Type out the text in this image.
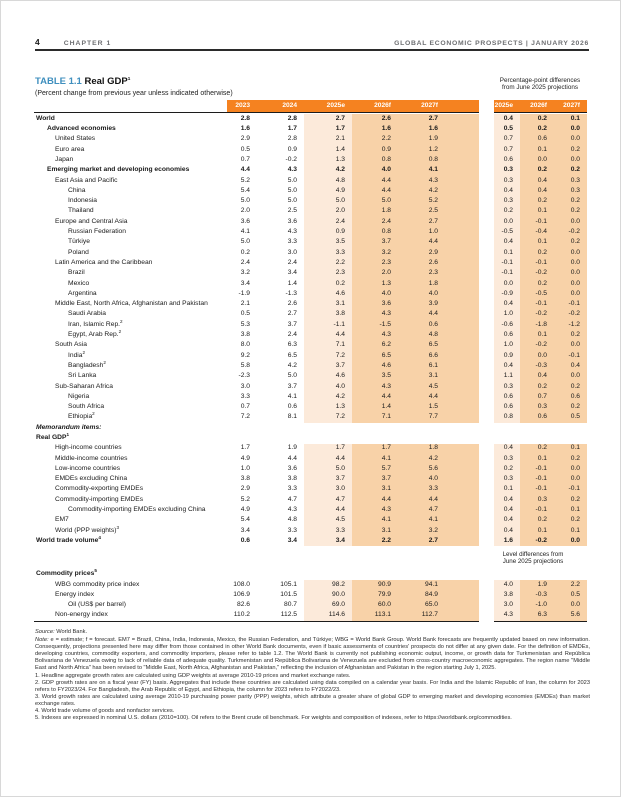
4	CHAPTER 1	GLOBAL ECONOMIC PROSPECTS | JANUARY 2026
TABLE 1.1 Real GDP$^1$
(Percent change from previous year unless indicated otherwise)
Percentage-point differences
from June 2025 projections
2023	2024	2025e	2026f	2027f	2025e	2026f	2027f
World	2.8	2.8	2.7	2.6	2.7	0.4	0.2	0.1
Advanced economies	1.6	1.7	1.7	1.6	1.6	0.5	0.2	0.0
United States	2.9	2.8	2.1	2.2	1.9	0.7	0.6	0.0
Euro area	0.5	0.9	1.4	0.9	1.2	0.7	0.1	0.2
Japan	0.7	-0.2	1.3	0.8	0.8	0.6	0.0	0.0
Emerging market and developing economies	4.4	4.3	4.2	4.0	4.1	0.3	0.2	0.2
East Asia and Pacific	5.2	5.0	4.8	4.4	4.3	0.3	0.4	0.3
China	5.4	5.0	4.9	4.4	4.2	0.4	0.4	0.3
Indonesia	5.0	5.0	5.0	5.0	5.2	0.3	0.2	0.2
Thailand	2.0	2.5	2.0	1.8	2.5	0.2	0.1	0.2
Europe and Central Asia	3.6	3.6	2.4	2.4	2.7	0.0	-0.1	0.0
Russian Federation	4.1	4.3	0.9	0.8	1.0	-0.5	-0.4	-0.2
Türkiye	5.0	3.3	3.5	3.7	4.4	0.4	0.1	0.2
Poland	0.2	3.0	3.3	3.2	2.9	0.1	0.2	0.0
Latin America and the Caribbean	2.4	2.4	2.2	2.3	2.6	-0.1	-0.1	0.0
Brazil	3.2	3.4	2.3	2.0	2.3	-0.1	-0.2	0.0
Mexico	3.4	1.4	0.2	1.3	1.8	0.0	0.2	0.0
Argentina	-1.9	-1.3	4.6	4.0	4.0	-0.9	-0.5	0.0
Middle East, North Africa, Afghanistan and Pakistan	2.1	2.6	3.1	3.6	3.9	0.4	-0.1	-0.1
Saudi Arabia	0.5	2.7	3.8	4.3	4.4	1.0	-0.2	-0.2
Iran, Islamic Rep.$^2$	5.3	3.7	-1.1	-1.5	0.6	-0.6	-1.8	-1.2
Egypt, Arab Rep.$^2$	3.8	2.4	4.4	4.3	4.8	0.6	0.1	0.2
South Asia	8.0	6.3	7.1	6.2	6.5	1.0	-0.2	0.0
India$^2$	9.2	6.5	7.2	6.5	6.6	0.9	0.0	-0.1
Bangladesh$^2$	5.8	4.2	3.7	4.6	6.1	0.4	-0.3	0.4
Sri Lanka	-2.3	5.0	4.6	3.5	3.1	1.1	0.4	0.0
Sub-Saharan Africa	3.0	3.7	4.0	4.3	4.5	0.3	0.2	0.2
Nigeria	3.3	4.1	4.2	4.4	4.4	0.6	0.7	0.6
South Africa	0.7	0.6	1.3	1.4	1.5	0.6	0.3	0.2
Ethiopia$^2$	7.2	8.1	7.2	7.1	7.7	0.8	0.6	0.5
Memorandum items:
Real GDP$^1$
High-income countries	1.7	1.9	1.7	1.7	1.8	0.4	0.2	0.1
Middle-income countries	4.9	4.4	4.4	4.1	4.2	0.3	0.1	0.2
Low-income countries	1.0	3.6	5.0	5.7	5.6	0.2	-0.1	0.0
EMDEs excluding China	3.8	3.8	3.7	3.7	4.0	0.3	-0.1	0.0
Commodity-exporting EMDEs	2.9	3.3	3.0	3.1	3.3	0.1	-0.1	-0.1
Commodity-importing EMDEs	5.2	4.7	4.7	4.4	4.4	0.4	0.3	0.2
Commodity-importing EMDEs excluding China	4.9	4.3	4.4	4.3	4.7	0.4	-0.1	0.1
EM7	5.4	4.8	4.5	4.1	4.1	0.4	0.2	0.2
World (PPP weights)$^3$	3.4	3.3	3.3	3.1	3.2	0.4	0.1	0.1
World trade volume$^4$	0.6	3.4	3.4	2.2	2.7	1.6	-0.2	0.0
Level differences from
June 2025 projections
Commodity prices$^5$
WBG commodity price index	108.0	105.1	98.2	90.9	94.1	4.0	1.9	2.2
Energy index	106.9	101.5	90.0	79.9	84.9	3.8	-0.3	0.5
Oil (US$ per barrel)	82.6	80.7	69.0	60.0	65.0	3.0	-1.0	0.0
Non-energy index	110.2	112.5	114.6	113.1	112.7	4.3	6.3	5.6

Source: World Bank.

Note: e = estimate; f = forecast. EM7 = Brazil, China, India, Indonesia, Mexico, the Russian Federation, and Türkiye; WBG = World Bank Group. World Bank forecasts are frequently updated based on new information. Consequently, projections presented here may differ from those contained in other World Bank documents, even if basic assessments of countries' prospects do not differ at any given date. For the definition of EMDEs, developing countries, commodity exporters, and commodity importers, please refer to table 1.2. The World Bank is currently not publishing economic output, income, or growth data for Turkmenistan and República Bolivariana de Venezuela owing to lack of reliable data of adequate quality. Turkmenistan and República Bolivariana de Venezuela are excluded from cross-country macroeconomic aggregates. The region name "Middle East and North Africa" has been revised to "Middle East, North Africa, Afghanistan and Pakistan," reflecting the inclusion of Afghanistan and Pakistan in the region starting July 1, 2025.

1. Headline aggregate growth rates are calculated using GDP weights at average 2010-19 prices and market exchange rates.

2. GDP growth rates are on a fiscal year (FY) basis. Aggregates that include these countries are calculated using data compiled on a calendar year basis. For India and the Islamic Republic of Iran, the column for 2023 refers to FY2023/24. For Bangladesh, the Arab Republic of Egypt, and Ethiopia, the column for 2023 refers to FY2022/23.

3. World growth rates are calculated using average 2010-19 purchasing power parity (PPP) weights, which attribute a greater share of global GDP to emerging market and developing economies (EMDEs) than market exchange rates.

4. World trade volume of goods and nonfactor services.

5. Indexes are expressed in nominal U.S. dollars (2010=100). Oil refers to the Brent crude oil benchmark. For weights and composition of indexes, refer to https://worldbank.org/commodities.
